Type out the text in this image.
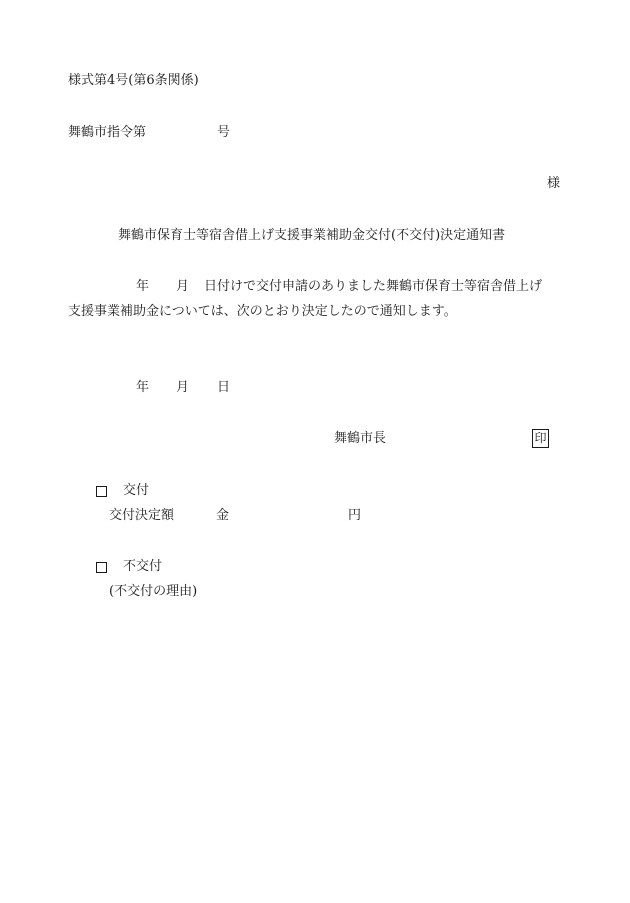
様式第4号(第6条関係)
舞鶴市指令第	号
様
舞鶴市保育士等宿舎借上げ支援事業補助金交付(不交付)決定通知書
年 月 日付けで交付申請のありました舞鶴市保育士等宿舎借上げ
支援事業補助金については、次のとおり決定したので通知します。
年 月 日
舞鶴市長	印
交付
交付決定額	金	円
不交付
(不交付の理由)
